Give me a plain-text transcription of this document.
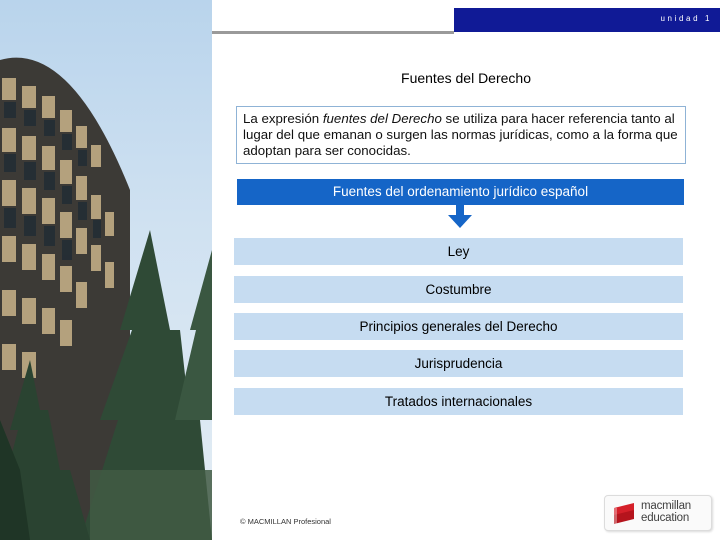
unidad 1
Fuentes del Derecho
La expresión fuentes del Derecho se utiliza para hacer referencia tanto al lugar del que emanan o surgen las normas jurídicas, como a la forma que adoptan para ser conocidas.
Fuentes del ordenamiento jurídico español
Ley
Costumbre
Principios generales del Derecho
Jurisprudencia
Tratados internacionales
© MACMILLAN Profesional
macmillan
education
